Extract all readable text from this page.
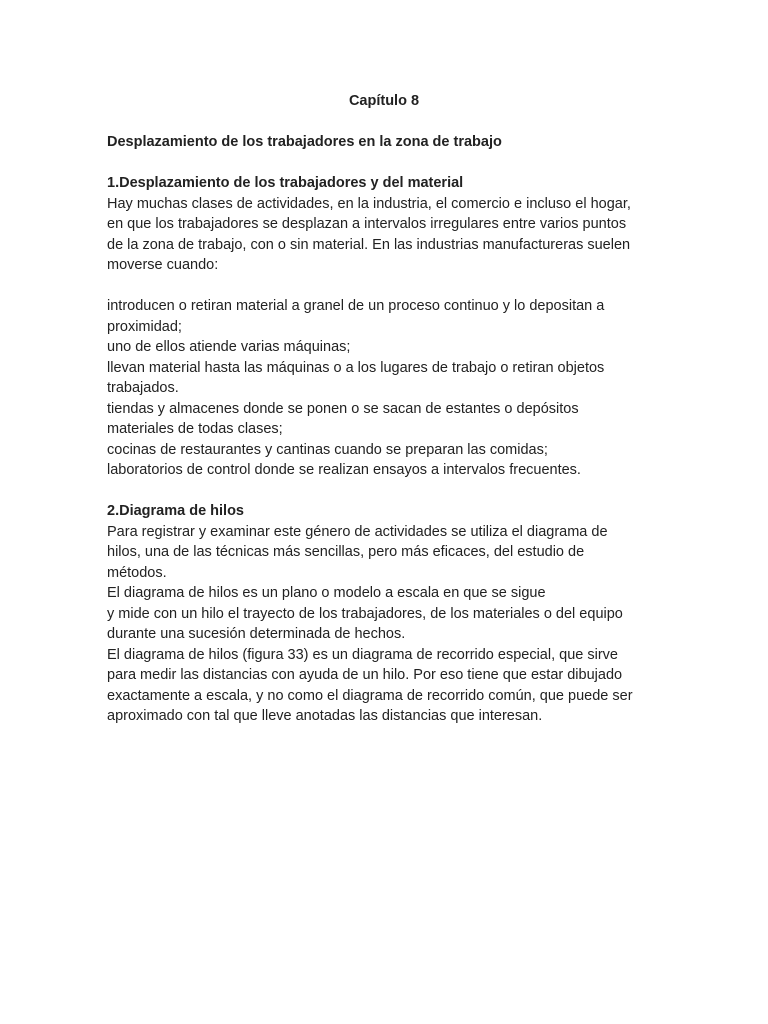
Capítulo 8

Desplazamiento de los trabajadores en la zona de trabajo

1.Desplazamiento de los trabajadores y del material

Hay muchas clases de actividades, en la industria, el comercio e incluso el hogar,
en que los trabajadores se desplazan a intervalos irregulares entre varios puntos
de la zona de trabajo, con o sin material. En las industrias manufactureras suelen
moverse cuando:
introducen o retiran material a granel de un proceso continuo y lo depositan a
proximidad;
uno de ellos atiende varias máquinas;
llevan material hasta las máquinas o a los lugares de trabajo o retiran objetos
trabajados.
tiendas y almacenes donde se ponen o se sacan de estantes o depósitos
materiales de todas clases;
cocinas de restaurantes y cantinas cuando se preparan las comidas;
laboratorios de control donde se realizan ensayos a intervalos frecuentes.

2.Diagrama de hilos

Para registrar y examinar este género de actividades se utiliza el diagrama de
hilos, una de las técnicas más sencillas, pero más eficaces, del estudio de
métodos.
El diagrama de hilos es un plano o modelo a escala en que se sigue
y mide con un hilo el trayecto de los trabajadores, de los materiales o del equipo
durante una sucesión determinada de hechos.
El diagrama de hilos (figura 33) es un diagrama de recorrido especial, que sirve
para medir las distancias con ayuda de un hilo. Por eso tiene que estar dibujado
exactamente a escala, y no como el diagrama de recorrido común, que puede ser
aproximado con tal que lleve anotadas las distancias que interesan.
